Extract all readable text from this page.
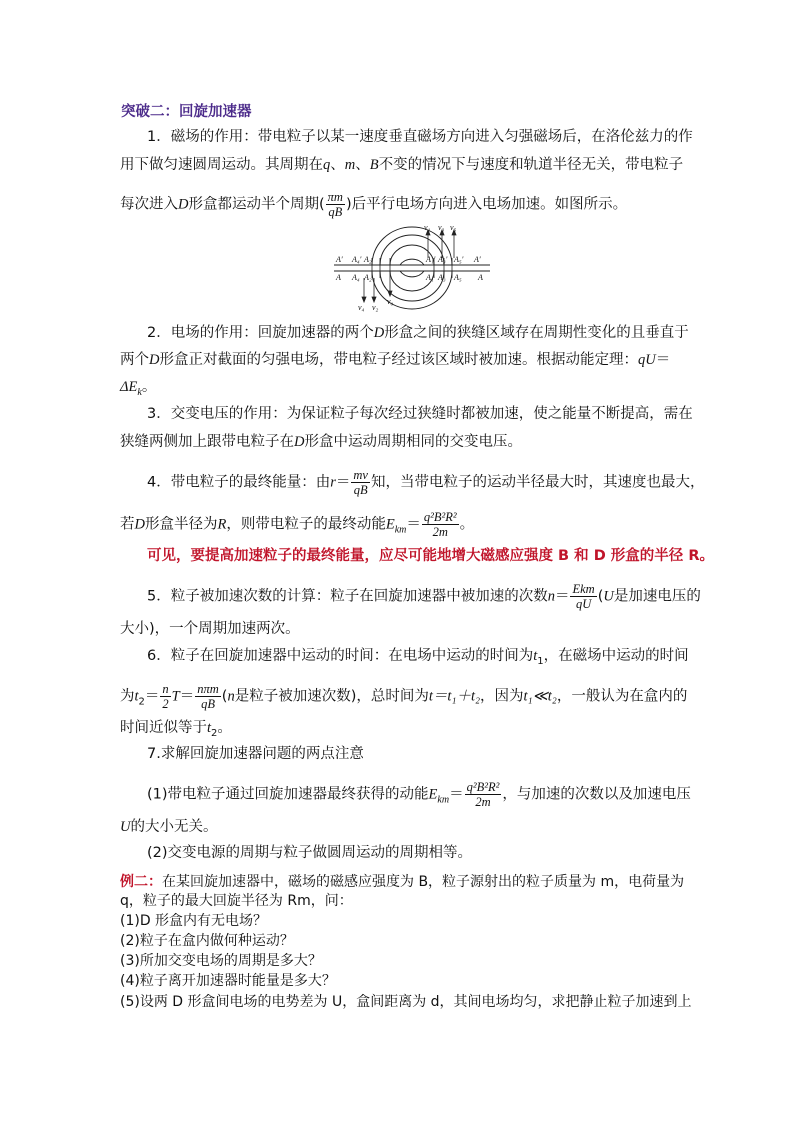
突破二：回旋加速器
1．磁场的作用：带电粒子以某一速度垂直磁场方向进入匀强磁场后，在洛伦兹力的作
用下做匀速圆周运动。其周期在q、m、B不变的情况下与速度和轨道半径无关，带电粒子
每次进入D形盒都运动半个周期( $\frac{\pi m}{qB}$ )后平行电场方向进入电场加速。如图所示。
A′ A₄′ A₂′
A A₄ A₂
A₁′ A₃′ A₅′ A′
A₁ A₃ A₅ A
v₁ v₃ v₅
v₄ v₂
v₀
2．电场的作用：回旋加速器的两个D形盒之间的狭缝区域存在周期性变化的且垂直于
两个D形盒正对截面的匀强电场，带电粒子经过该区域时被加速。根据动能定理：qU＝
$\Delta E_k$。
3．交变电压的作用：为保证粒子每次经过狭缝时都被加速，使之能量不断提高，需在
狭缝两侧加上跟带电粒子在D形盒中运动周期相同的交变电压。
4．带电粒子的最终能量：由$r= \frac{mv}{qB}$ 知，当带电粒子的运动半径最大时，其速度也最大，
若D形盒半径为R，则带电粒子的最终动能$E_{km}= \frac{\text{q²B²R²}}{2m}$ 。
可见，要提高加速粒子的最终能量，应尽可能地增大磁感应强度 B 和 D 形盒的半径 R。
5．粒子被加速次数的计算：粒子在回旋加速器中被加速的次数$n= \frac{\text{Ekm}}{qU} (U$是加速电压的
大小)，一个周期加速两次。
6．粒子在回旋加速器中运动的时间：在电场中运动的时间为$t_1$，在磁场中运动的时间
为$t_2= \frac{n}{2} T= \frac{\text{nπm}}{qB} (n$是粒子被加速次数)，总时间为t＝t₁＋t₂，因为t₁≪t₂，一般认为在盒内的
时间近似等于$t_2$。
7.求解回旋加速器问题的两点注意
(1)带电粒子通过回旋加速器最终获得的动能$E_{km}= \frac{\text{q²B²R²}}{2m}$ ，与加速的次数以及加速电压
U的大小无关。
(2)交变电源的周期与粒子做圆周运动的周期相等。
例二：在某回旋加速器中，磁场的磁感应强度为 B，粒子源射出的粒子质量为 m，电荷量为
q，粒子的最大回旋半径为 Rm，问：
(1)D 形盒内有无电场？
(2)粒子在盒内做何种运动？
(3)所加交变电场的周期是多大？
(4)粒子离开加速器时能量是多大？
(5)设两 D 形盒间电场的电势差为 U，盒间距离为 d，其间电场均匀，求把静止粒子加速到上
